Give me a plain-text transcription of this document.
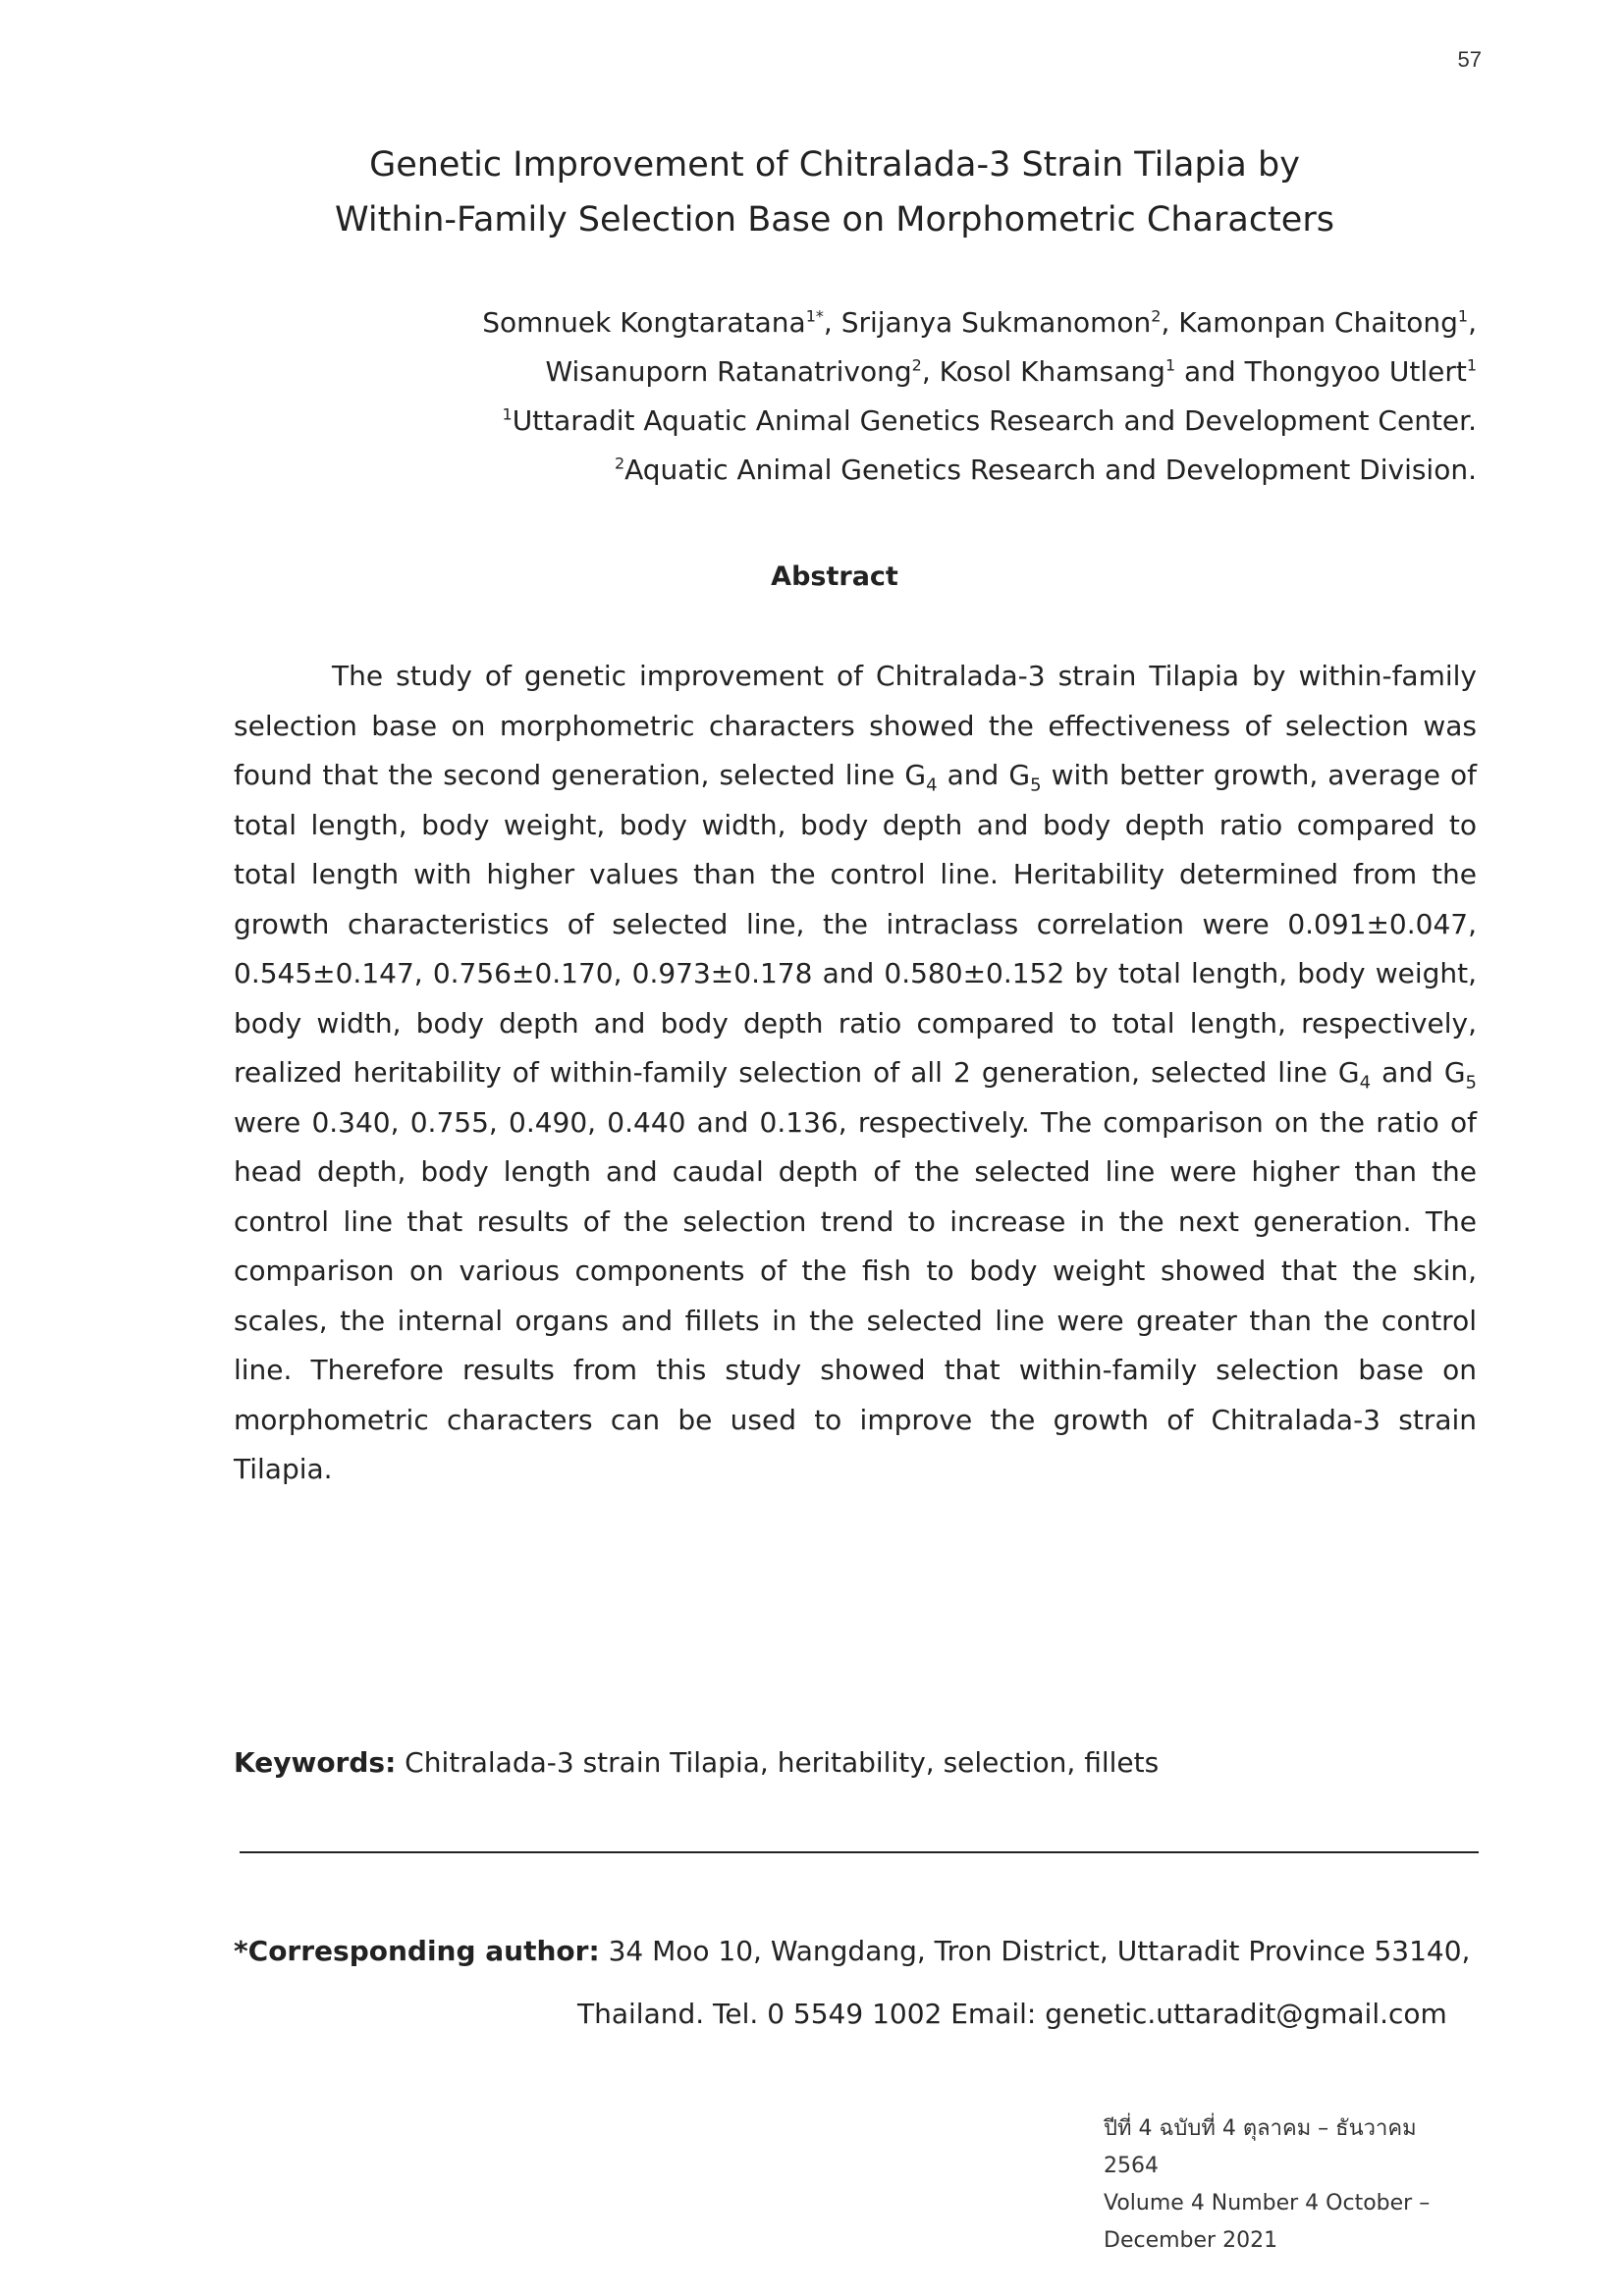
57
Genetic Improvement of Chitralada-3 Strain Tilapia by
Within-Family Selection Base on Morphometric Characters
Somnuek Kongtaratana$^{1*}$, Srijanya Sukmanomon$^2$, Kamonpan Chaitong$^1$,
Wisanuporn Ratanatrivong$^2$, Kosol Khamsang$^1$ and Thongyoo Utlert$^1$
$^1$Uttaradit Aquatic Animal Genetics Research and Development Center.
$^2$Aquatic Animal Genetics Research and Development Division.
Abstract

The study of genetic improvement of Chitralada-3 strain Tilapia by within-family selection base on morphometric characters showed the effectiveness of selection was found that the second generation, selected line $G_4$ and $G_5$ with better growth, average of total length, body weight, body width, body depth and body depth ratio compared to total length with higher values than the control line. Heritability determined from the growth characteristics of selected line, the intraclass correlation were 0.091±0.047, 0.545±0.147, 0.756±0.170, 0.973±0.178 and 0.580±0.152 by total length, body weight, body width, body depth and body depth ratio compared to total length, respectively, realized heritability of within-family selection of all 2 generation, selected line $G_4$ and $G_5$ were 0.340, 0.755, 0.490, 0.440 and 0.136, respectively. The comparison on the ratio of head depth, body length and caudal depth of the selected line were higher than the control line that results of the selection trend to increase in the next generation. The comparison on various components of the fish to body weight showed that the skin, scales, the internal organs and fillets in the selected line were greater than the control line. Therefore results from this study showed that within-family selection base on morphometric characters can be used to improve the growth of Chitralada-3 strain Tilapia.

Keywords: Chitralada-3 strain Tilapia, heritability, selection, fillets
*Corresponding author: 34 Moo 10, Wangdang, Tron District, Uttaradit Province 53140,
Thailand. Tel. 0 5549 1002 Email: genetic.uttaradit@gmail.com
ปีที่ 4 ฉบับที่ 4 ตุลาคม – ธันวาคม 2564
Volume 4 Number 4 October – December 2021
